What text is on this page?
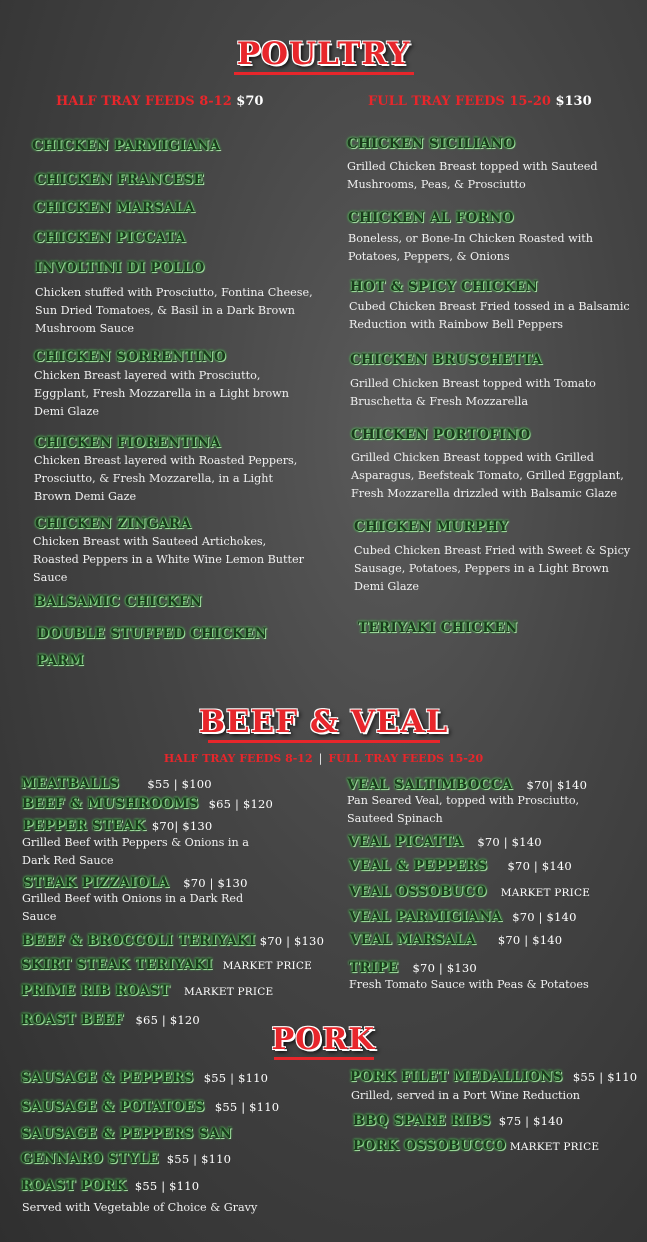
POULTRY
HALF TRAY FEEDS 8-12 $70	FULL TRAY FEEDS 15-20 $130
CHICKEN PARMIGIANA
CHICKEN FRANCESE
CHICKEN MARSALA
CHICKEN PICCATA
INVOLTINI DI POLLO
Chicken stuffed with Prosciutto, Fontina Cheese,
Sun Dried Tomatoes, & Basil in a Dark Brown
Mushroom Sauce
CHICKEN SORRENTINO
Chicken Breast layered with Prosciutto,
Eggplant, Fresh Mozzarella in a Light brown
Demi Glaze
CHICKEN FIORENTINA
Chicken Breast layered with Roasted Peppers,
Prosciutto, & Fresh Mozzarella, in a Light
Brown Demi Gaze
CHICKEN ZINGARA
Chicken Breast with Sauteed Artichokes,
Roasted Peppers in a White Wine Lemon Butter
Sauce
BALSAMIC CHICKEN
DOUBLE STUFFED CHICKEN
PARM
CHICKEN SICILIANO
Grilled Chicken Breast topped with Sauteed
Mushrooms, Peas, & Prosciutto
CHICKEN AL FORNO
Boneless, or Bone-In Chicken Roasted with
Potatoes, Peppers, & Onions
HOT & SPICY CHICKEN
Cubed Chicken Breast Fried tossed in a Balsamic
Reduction with Rainbow Bell Peppers
CHICKEN BRUSCHETTA
Grilled Chicken Breast topped with Tomato
Bruschetta & Fresh Mozzarella
CHICKEN PORTOFINO
Grilled Chicken Breast topped with Grilled
Asparagus, Beefsteak Tomato, Grilled Eggplant,
Fresh Mozzarella drizzled with Balsamic Glaze
CHICKEN MURPHY
Cubed Chicken Breast Fried with Sweet & Spicy
Sausage, Potatoes, Peppers in a Light Brown
Demi Glaze
TERIYAKI CHICKEN
BEEF & VEAL
HALF TRAY FEEDS 8-12 | FULL TRAY FEEDS 15-20
MEATBALLS $55 | $100
BEEF & MUSHROOMS $65 | $120
PEPPER STEAK $70| $130
Grilled Beef with Peppers & Onions in a
Dark Red Sauce
STEAK PIZZAIOLA $70 | $130
Grilled Beef with Onions in a Dark Red
Sauce
BEEF & BROCCOLI TERIYAKI $70 | $130
SKIRT STEAK TERIYAKI MARKET PRICE
PRIME RIB ROAST MARKET PRICE
ROAST BEEF $65 | $120
VEAL SALTIMBOCCA $70| $140
Pan Seared Veal, topped with Prosciutto,
Sauteed Spinach
VEAL PICATTA $70 | $140
VEAL & PEPPERS $70 | $140
VEAL OSSOBUCO MARKET PRICE
VEAL PARMIGIANA $70 | $140
VEAL MARSALA $70 | $140
TRIPE $70 | $130
Fresh Tomato Sauce with Peas & Potatoes
PORK
SAUSAGE & PEPPERS $55 | $110
SAUSAGE & POTATOES $55 | $110
SAUSAGE & PEPPERS SAN
GENNARO STYLE $55 | $110
ROAST PORK $55 | $110
Served with Vegetable of Choice & Gravy
PORK FILET MEDALLIONS $55 | $110
Grilled, served in a Port Wine Reduction
BBQ SPARE RIBS $75 | $140
PORK OSSOBUCCO MARKET PRICE
